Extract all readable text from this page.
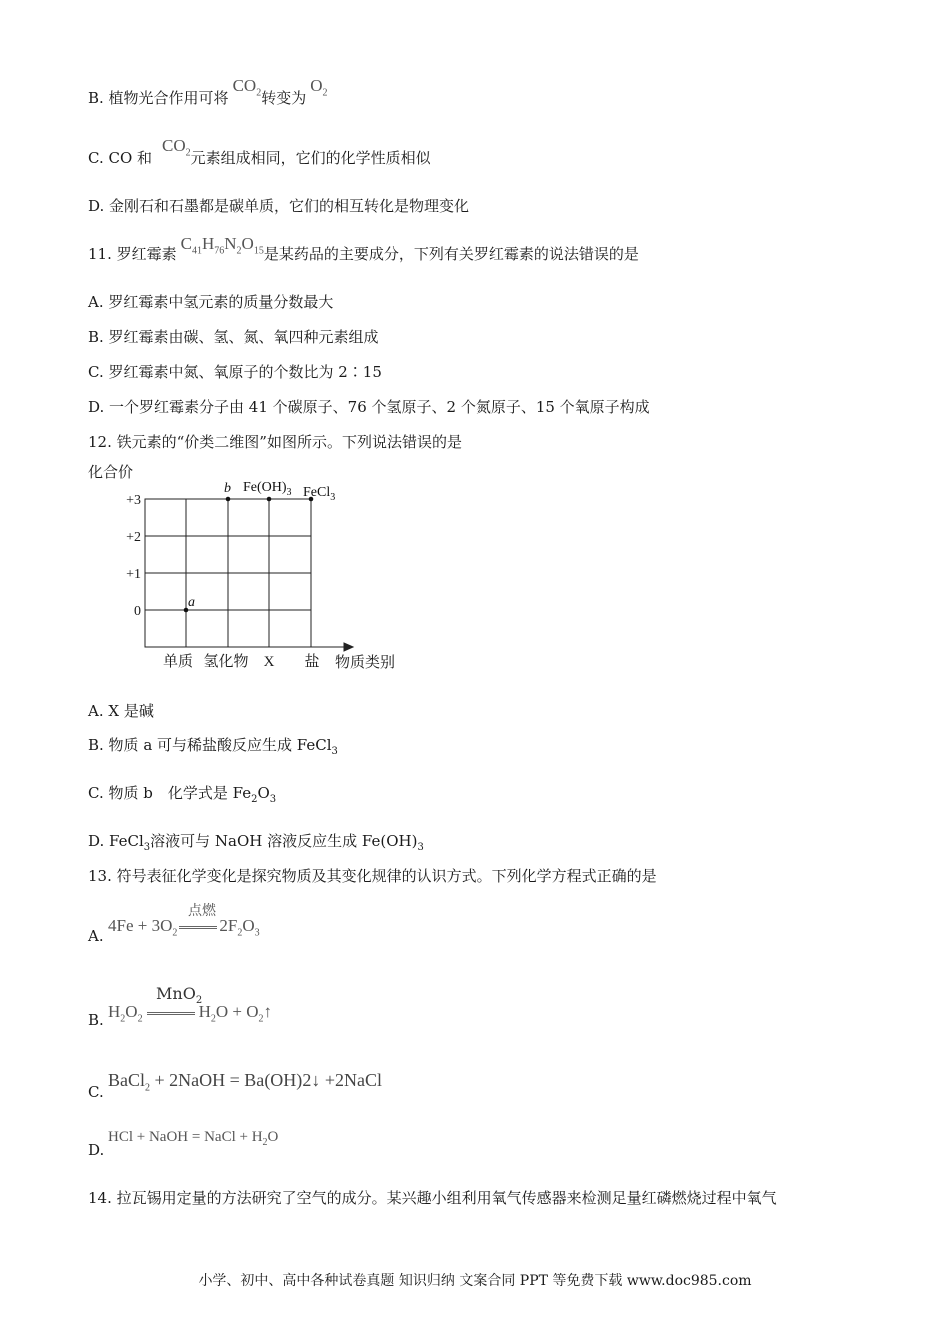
B. 植物光合作用可将$CO_2$转变为$O_2$
C. CO 和$CO_2$元素组成相同，它们的化学性质相似
D. 金刚石和石墨都是碳单质，它们的相互转化是物理变化
11. 罗红霉素$C_{41}H_{76}N_2O_{15}$是某药品的主要成分，下列有关罗红霉素的说法错误的是
A. 罗红霉素中氢元素的质量分数最大
B. 罗红霉素由碳、氢、氮、氧四种元素组成
C. 罗红霉素中氮、氧原子的个数比为 2∶15
D. 一个罗红霉素分子由 41 个碳原子、76 个氢原子、2 个氮原子、15 个氧原子构成
12. 铁元素的“价类二维图”如图所示。下列说法错误的是
化合价
+3
+2
+1
0
单质 氢化物 X 盐 物质类别
a
b $Fe(OH)_3$ FeCl$_3$
A. X 是碱
B. 物质 a 可与稀盐酸反应生成 FeCl$_3$
C. 物质 b　化学式是 $Fe_2O_3$
D. FeCl$_3$溶液可与 NaOH 溶液反应生成 $Fe(OH)_3$
13. 符号表征化学变化是探究物质及其变化规律的认识方式。下列化学方程式正确的是
A.
$4Fe + 3O_2$ $2F_2O_3$
点燃
B. $H_2O_2$	$H_2O$ + $O_2↑$
MnO$_2$
C.
BaCl$_2$ + 2NaOH = Ba(OH)2↓ +2NaCl
D.
HCl + NaOH = NaCl + $H_2O$
14. 拉瓦锡用定量的方法研究了空气的成分。某兴趣小组利用氧气传感器来检测足量红磷燃烧过程中氧气
小学、初中、高中各种试卷真题 知识归纳 文案合同 PPT 等免费下载 www.doc985.com
